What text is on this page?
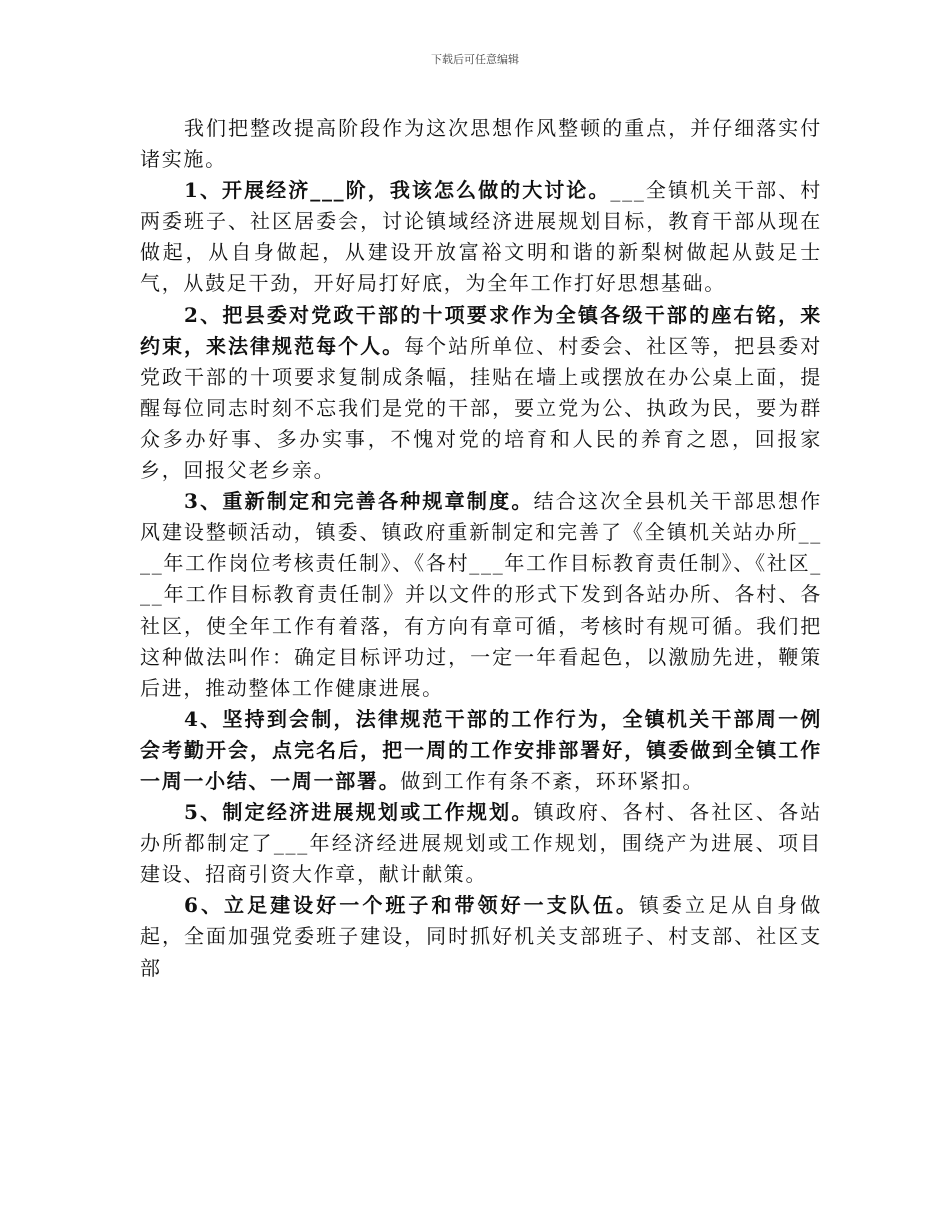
下载后可任意编辑

我们把整改提高阶段作为这次思想作风整顿的重点，并仔细落实付诸实施。

1、开展经济___阶，我该怎么做的大讨论。___全镇机关干部、村两委班子、社区居委会，讨论镇域经济进展规划目标，教育干部从现在做起，从自身做起，从建设开放富裕文明和谐的新梨树做起从鼓足士气，从鼓足干劲，开好局打好底，为全年工作打好思想基础。

2、把县委对党政干部的十项要求作为全镇各级干部的座右铭，来约束，来法律规范每个人。每个站所单位、村委会、社区等，把县委对党政干部的十项要求复制成条幅，挂贴在墙上或摆放在办公桌上面，提醒每位同志时刻不忘我们是党的干部，要立党为公、执政为民，要为群众多办好事、多办实事，不愧对党的培育和人民的养育之恩，回报家乡，回报父老乡亲。

3、重新制定和完善各种规章制度。结合这次全县机关干部思想作风建设整顿活动，镇委、镇政府重新制定和完善了《全镇机关站办所____年工作岗位考核责任制》、《各村___年工作目标教育责任制》、《社区___年工作目标教育责任制》并以文件的形式下发到各站办所、各村、各社区，使全年工作有着落，有方向有章可循，考核时有规可循。我们把这种做法叫作：确定目标评功过，一定一年看起色，以激励先进，鞭策后进，推动整体工作健康进展。

4、坚持到会制，法律规范干部的工作行为，全镇机关干部周一例会考勤开会，点完名后，把一周的工作安排部署好，镇委做到全镇工作一周一小结、一周一部署。做到工作有条不紊，环环紧扣。

5、制定经济进展规划或工作规划。镇政府、各村、各社区、各站办所都制定了___年经济经进展规划或工作规划，围绕产为进展、项目建设、招商引资大作章，献计献策。

6、立足建设好一个班子和带领好一支队伍。镇委立足从自身做起，全面加强党委班子建设，同时抓好机关支部班子、村支部、社区支部
